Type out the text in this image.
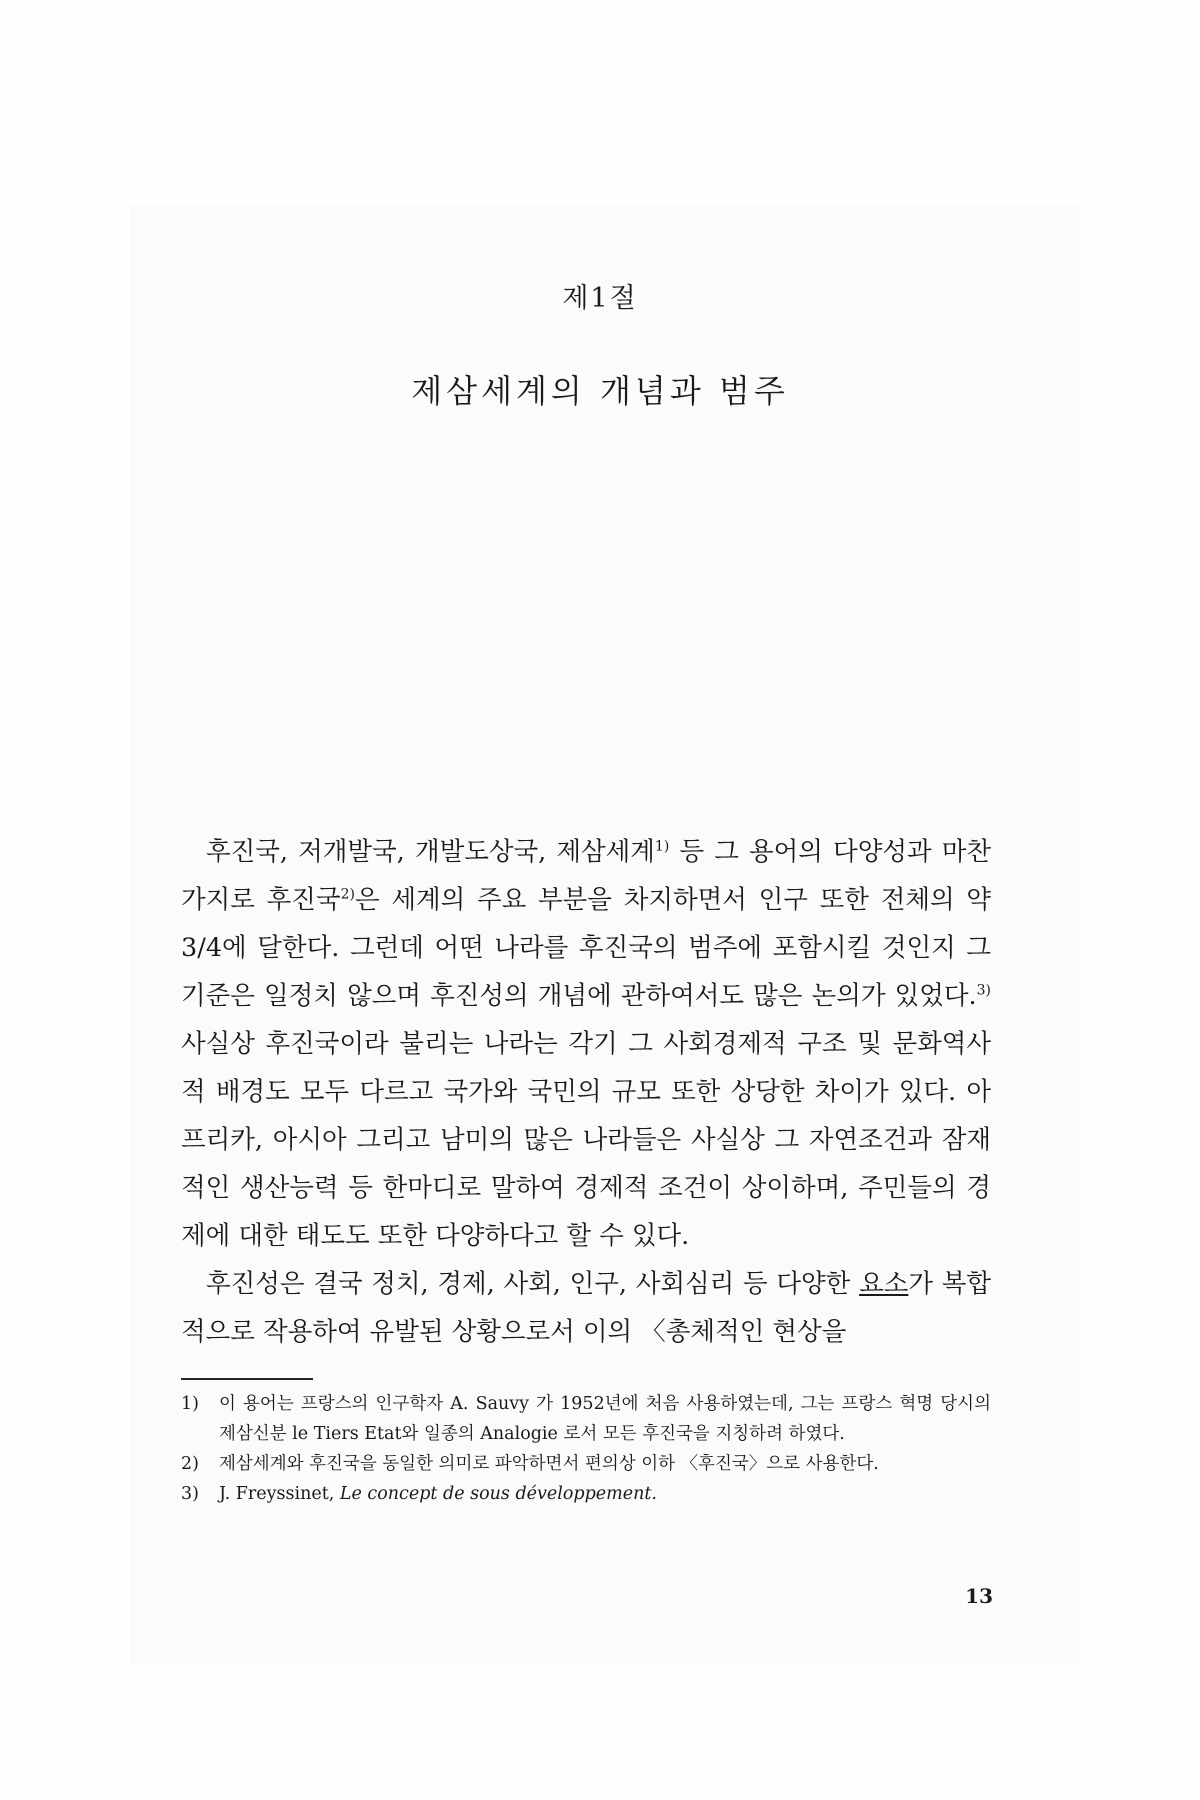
제1절
제삼세계의 개념과 범주

후진국, 저개발국, 개발도상국, 제삼세계$^{1)}$ 등 그 용어의 다양성과 마찬가지로 후진국$^{2)}$은 세계의 주요 부분을 차지하면서 인구 또한 전체의 약 3/4에 달한다. 그런데 어떤 나라를 후진국의 범주에 포함시킬 것인지 그 기준은 일정치 않으며 후진성의 개념에 관하여서도 많은 논의가 있었다.$^{3)}$ 사실상 후진국이라 불리는 나라는 각기 그 사회경제적 구조 및 문화역사적 배경도 모두 다르고 국가와 국민의 규모 또한 상당한 차이가 있다. 아프리카, 아시아 그리고 남미의 많은 나라들은 사실상 그 자연조건과 잠재적인 생산능력 등 한마디로 말하여 경제적 조건이 상이하며, 주민들의 경제에 대한 태도도 또한 다양하다고 할 수 있다.

후진성은 결국 정치, 경제, 사회, 인구, 사회심리 등 다양한 요소가 복합적으로 작용하여 유발된 상황으로서 이의 〈총체적인 현상을

1) 이 용어는 프랑스의 인구학자 A. Sauvy 가 1952년에 처음 사용하였는데, 그는 프랑스 혁명 당시의 제삼신분 le Tiers Etat와 일종의 Analogie 로서 모든 후진국을 지칭하려 하였다.
2) 제삼세계와 후진국을 동일한 의미로 파악하면서 편의상 이하 〈후진국〉으로 사용한다.
3) J. Freyssinet, Le concept de sous développement.
13
